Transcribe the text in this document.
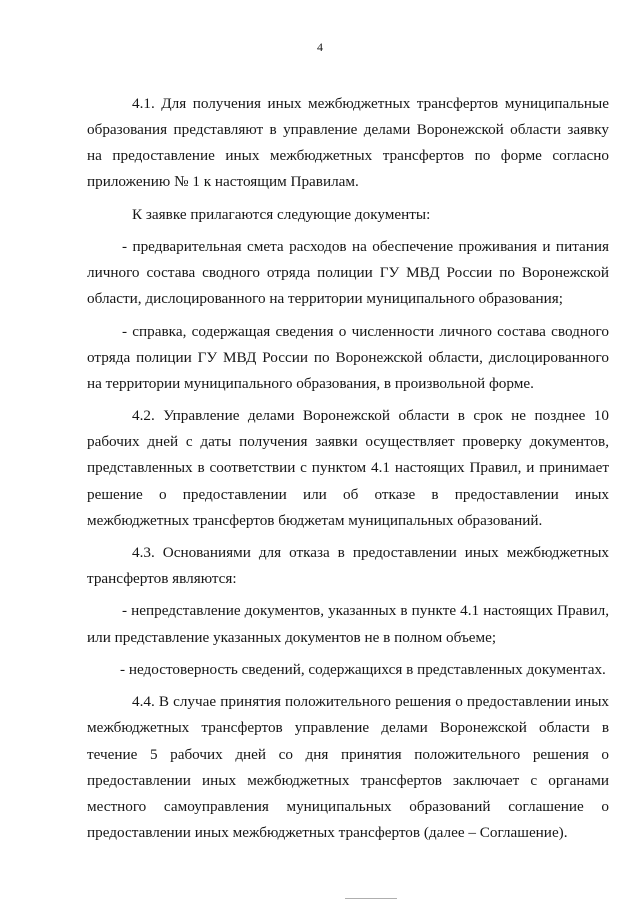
4

4.1. Для получения иных межбюджетных трансфертов муниципальные образования представляют в управление делами Воронежской области заявку на предоставление иных межбюджетных трансфертов по форме согласно приложению № 1 к настоящим Правилам.

К заявке прилагаются следующие документы:

- предварительная смета расходов на обеспечение проживания и питания личного состава сводного отряда полиции ГУ МВД России по Воронежской области, дислоцированного на территории муниципального образования;

- справка, содержащая сведения о численности личного состава сводного отряда полиции ГУ МВД России по Воронежской области, дислоцированного на территории муниципального образования, в произвольной форме.

4.2. Управление делами Воронежской области в срок не позднее 10 рабочих дней с даты получения заявки осуществляет проверку документов, представленных в соответствии с пунктом 4.1 настоящих Правил, и принимает решение о предоставлении или об отказе в предоставлении иных межбюджетных трансфертов бюджетам муниципальных образований.

4.3. Основаниями для отказа в предоставлении иных межбюджетных трансфертов являются:

- непредставление документов, указанных в пункте 4.1 настоящих Правил, или представление указанных документов не в полном объеме;

- недостоверность сведений, содержащихся в представленных документах.

4.4. В случае принятия положительного решения о предоставлении иных межбюджетных трансфертов управление делами Воронежской области в течение 5 рабочих дней со дня принятия положительного решения о предоставлении иных межбюджетных трансфертов заключает с органами местного самоуправления муниципальных образований соглашение о предоставлении иных межбюджетных трансфертов (далее – Соглашение).
